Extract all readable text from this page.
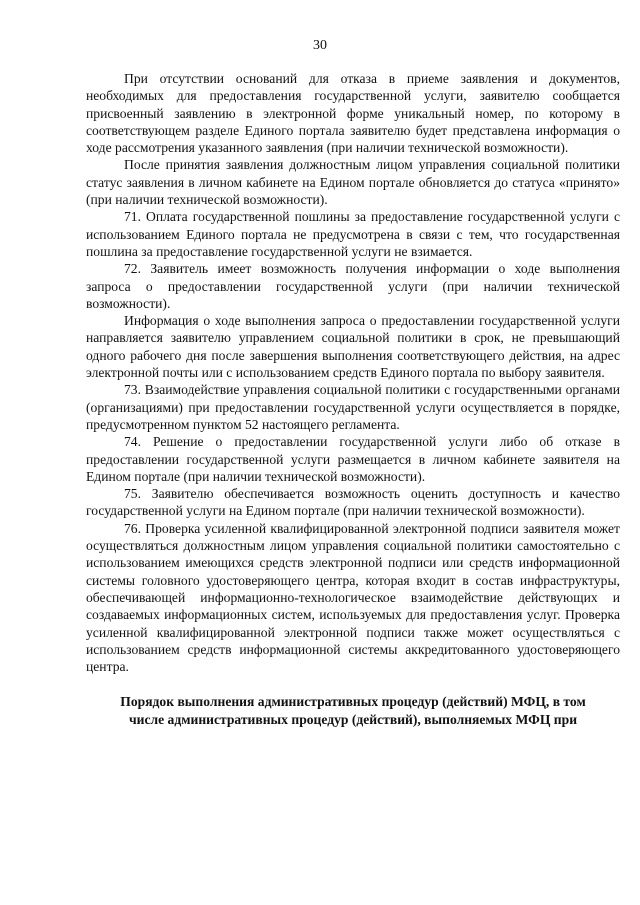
30

При отсутствии оснований для отказа в приеме заявления и документов, необходимых для предоставления государственной услуги, заявителю сообщается присвоенный заявлению в электронной форме уникальный номер, по которому в соответствующем разделе Единого портала заявителю будет представлена информация о ходе рассмотрения указанного заявления (при наличии технической возможности).

После принятия заявления должностным лицом управления социальной политики статус заявления в личном кабинете на Едином портале обновляется до статуса «принято» (при наличии технической возможности).

71. Оплата государственной пошлины за предоставление государственной услуги с использованием Единого портала не предусмотрена в связи с тем, что государственная пошлина за предоставление государственной услуги не взимается.

72. Заявитель имеет возможность получения информации о ходе выполнения запроса о предоставлении государственной услуги (при наличии технической возможности).

Информация о ходе выполнения запроса о предоставлении государственной услуги направляется заявителю управлением социальной политики в срок, не превышающий одного рабочего дня после завершения выполнения соответствующего действия, на адрес электронной почты или с использованием средств Единого портала по выбору заявителя.

73. Взаимодействие управления социальной политики с государственными органами (организациями) при предоставлении государственной услуги осуществляется в порядке, предусмотренном пунктом 52 настоящего регламента.

74. Решение о предоставлении государственной услуги либо об отказе в предоставлении государственной услуги размещается в личном кабинете заявителя на Едином портале (при наличии технической возможности).

75. Заявителю обеспечивается возможность оценить доступность и качество государственной услуги на Едином портале (при наличии технической возможности).

76. Проверка усиленной квалифицированной электронной подписи заявителя может осуществляться должностным лицом управления социальной политики самостоятельно с использованием имеющихся средств электронной подписи или средств информационной системы головного удостоверяющего центра, которая входит в состав инфраструктуры, обеспечивающей информационно-технологическое взаимодействие действующих и создаваемых информационных систем, используемых для предоставления услуг. Проверка усиленной квалифицированной электронной подписи также может осуществляться с использованием средств информационной системы аккредитованного удостоверяющего центра.

Порядок выполнения административных процедур (действий) МФЦ, в том
числе административных процедур (действий), выполняемых МФЦ при
